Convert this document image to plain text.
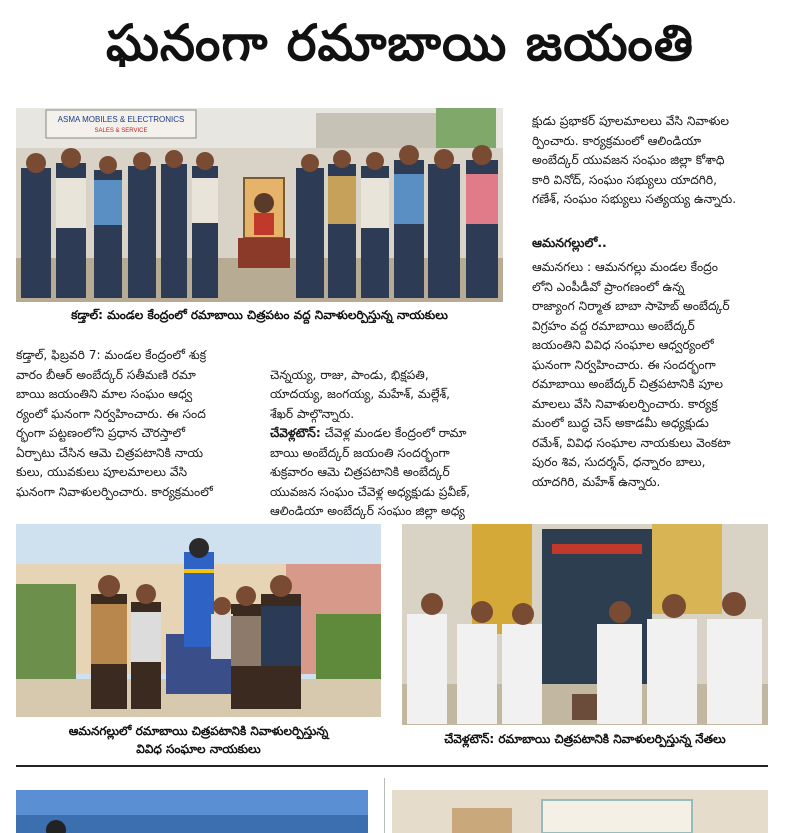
ఘనంగా రమాబాయి జయంతి
ASMA MOBILES & ELECTRONICS
SALES & SERVICE
కడ్తాల్: మండల కేంద్రంలో రమాబాయి చిత్రపటం వద్ద నివాళులర్పిస్తున్న నాయకులు
క్షుడు ప్రభాకర్ పూలమాలలు వేసి నివాళుల
ర్పించారు. కార్యక్రమంలో ఆలిండియా
అంబేద్కర్ యువజన సంఘం జిల్లా కోశాధి
కారి వినోద్, సంఘం సభ్యులు యాదగిరి,
గణేశ్, సంఘం సభ్యులు సత్యయ్య ఉన్నారు.
ఆమనగల్లులో..
ఆమనగలు : ఆమనగల్లు మండల కేంద్రం
లోని ఎంపీడీవో ప్రాంగణంలో ఉన్న
రాజ్యాంగ నిర్మాత బాబా సాహెబ్ అంబేద్కర్
విగ్రహం వద్ద రమాబాయి అంబేద్కర్
జయంతిని వివిధ సంఘాల ఆధ్వర్యంలో
ఘనంగా నిర్వహించారు. ఈ సందర్భంగా
రమాబాయి అంబేద్కర్ చిత్రపటానికి పూల
మాలలు వేసి నివాళులర్పించారు. కార్యక్ర
మంలో బుద్ధ చెస్ అకాడమీ అధ్యక్షుడు
రమేశ్, వివిధ సంఘాల నాయకులు వెంకటా
పురం శివ, సుదర్శన్, ధన్నారం బాలు,
యాదగిరి, మహేశ్ ఉన్నారు.
కడ్తాల్, ఫిబ్రవరి 7: మండల కేంద్రంలో శుక్ర
వారం బీఆర్ అంబేద్కర్ సతీమణి రమా
బాయి జయంతిని మాల సంఘం ఆధ్వ
ర్యంలో ఘనంగా నిర్వహించారు. ఈ సంద
ర్భంగా పట్టణంలోని ప్రధాన చౌరస్తాలో
ఏర్పాటు చేసిన ఆమె చిత్రపటానికి నాయ
కులు, యువకులు పూలమాలలు వేసి
ఘనంగా నివాళులర్పించారు. కార్యక్రమంలో

చెన్నయ్య, రాజు, పాండు, భిక్షపతి,
యాదయ్య, జంగయ్య, మహేశ్, మల్లేశ్,
శేఖర్ పాల్గొన్నారు.
చేవెళ్లటౌన్: చేవెళ్ల మండల కేంద్రంలో రామా
బాయి అంబేద్కర్ జయంతి సందర్భంగా
శుక్రవారం ఆమె చిత్రపటానికి అంబేద్కర్
యువజన సంఘం చేవెళ్ల అధ్యక్షుడు ప్రవీణ్,
ఆలిండియా అంబేద్కర్ సంఘం జిల్లా అధ్య

ఆమనగల్లులో రమాబాయి చిత్రపటానికి నివాళులర్పిస్తున్న
వివిధ సంఘాల నాయకులు
చేవెళ్లటౌన్: రమాబాయి చిత్రపటానికి నివాళులర్పిస్తున్న నేతలు
